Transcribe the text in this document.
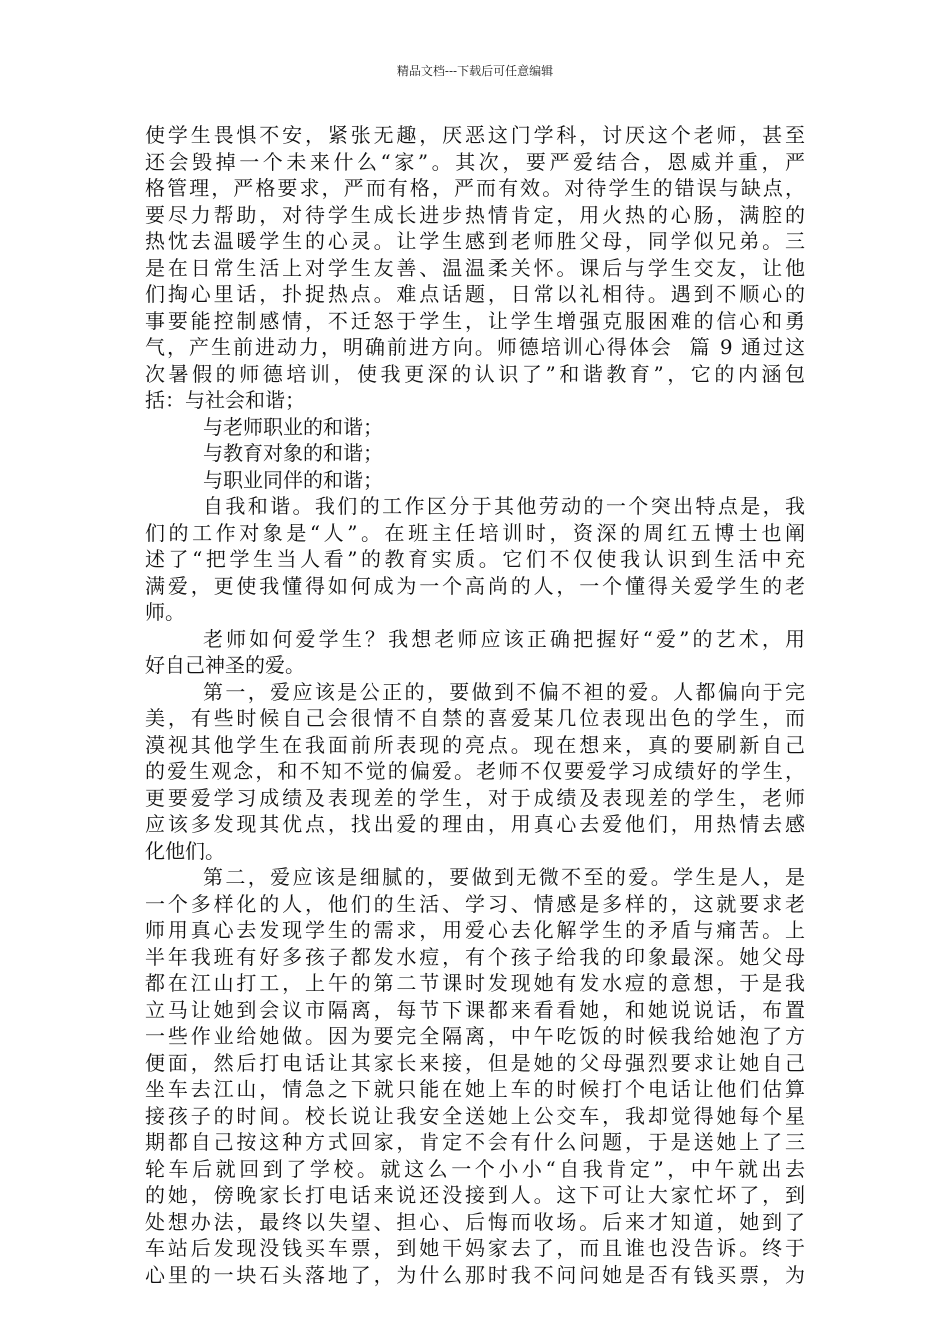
精品文档---下载后可任意编辑
使学生畏惧不安，紧张无趣，厌恶这门学科，讨厌这个老师，甚至
还会毁掉一个未来什么“家”。其次，要严爱结合，恩威并重，严
格管理，严格要求，严而有格，严而有效。对待学生的错误与缺点，
要尽力帮助，对待学生成长进步热情肯定，用火热的心肠，满腔的
热忱去温暖学生的心灵。让学生感到老师胜父母，同学似兄弟。三
是在日常生活上对学生友善、温温柔关怀。课后与学生交友，让他
们掏心里话，扑捉热点。难点话题，日常以礼相待。遇到不顺心的
事要能控制感情，不迁怒于学生，让学生增强克服困难的信心和勇
气，产生前进动力，明确前进方向。师德培训心得体会  篇 9 通过这
次暑假的师德培训，使我更深的认识了”和谐教育”，它的内涵包
括：与社会和谐；
与老师职业的和谐；
与教育对象的和谐；
与职业同伴的和谐；
自我和谐。我们的工作区分于其他劳动的一个突出特点是，我
们的工作对象是“人”。在班主任培训时，资深的周红五博士也阐
述了“把学生当人看”的教育实质。它们不仅使我认识到生活中充
满爱，更使我懂得如何成为一个高尚的人，一个懂得关爱学生的老
师。
老师如何爱学生？我想老师应该正确把握好“爱”的艺术，用
好自己神圣的爱。
第一，爱应该是公正的，要做到不偏不袒的爱。人都偏向于完
美，有些时候自己会很情不自禁的喜爱某几位表现出色的学生，而
漠视其他学生在我面前所表现的亮点。现在想来，真的要刷新自己
的爱生观念，和不知不觉的偏爱。老师不仅要爱学习成绩好的学生，
更要爱学习成绩及表现差的学生，对于成绩及表现差的学生，老师
应该多发现其优点，找出爱的理由，用真心去爱他们，用热情去感
化他们。
第二，爱应该是细腻的，要做到无微不至的爱。学生是人，是
一个多样化的人，他们的生活、学习、情感是多样的，这就要求老
师用真心去发现学生的需求，用爱心去化解学生的矛盾与痛苦。上
半年我班有好多孩子都发水痘，有个孩子给我的印象最深。她父母
都在江山打工，上午的第二节课时发现她有发水痘的意想，于是我
立马让她到会议市隔离，每节下课都来看看她，和她说说话，布置
一些作业给她做。因为要完全隔离，中午吃饭的时候我给她泡了方
便面，然后打电话让其家长来接，但是她的父母强烈要求让她自己
坐车去江山，情急之下就只能在她上车的时候打个电话让他们估算
接孩子的时间。校长说让我安全送她上公交车，我却觉得她每个星
期都自己按这种方式回家，肯定不会有什么问题，于是送她上了三
轮车后就回到了学校。就这么一个小小“自我肯定”，中午就出去
的她，傍晚家长打电话来说还没接到人。这下可让大家忙坏了，到
处想办法，最终以失望、担心、后悔而收场。后来才知道，她到了
车站后发现没钱买车票，到她干妈家去了，而且谁也没告诉。终于
心里的一块石头落地了，为什么那时我不问问她是否有钱买票，为
